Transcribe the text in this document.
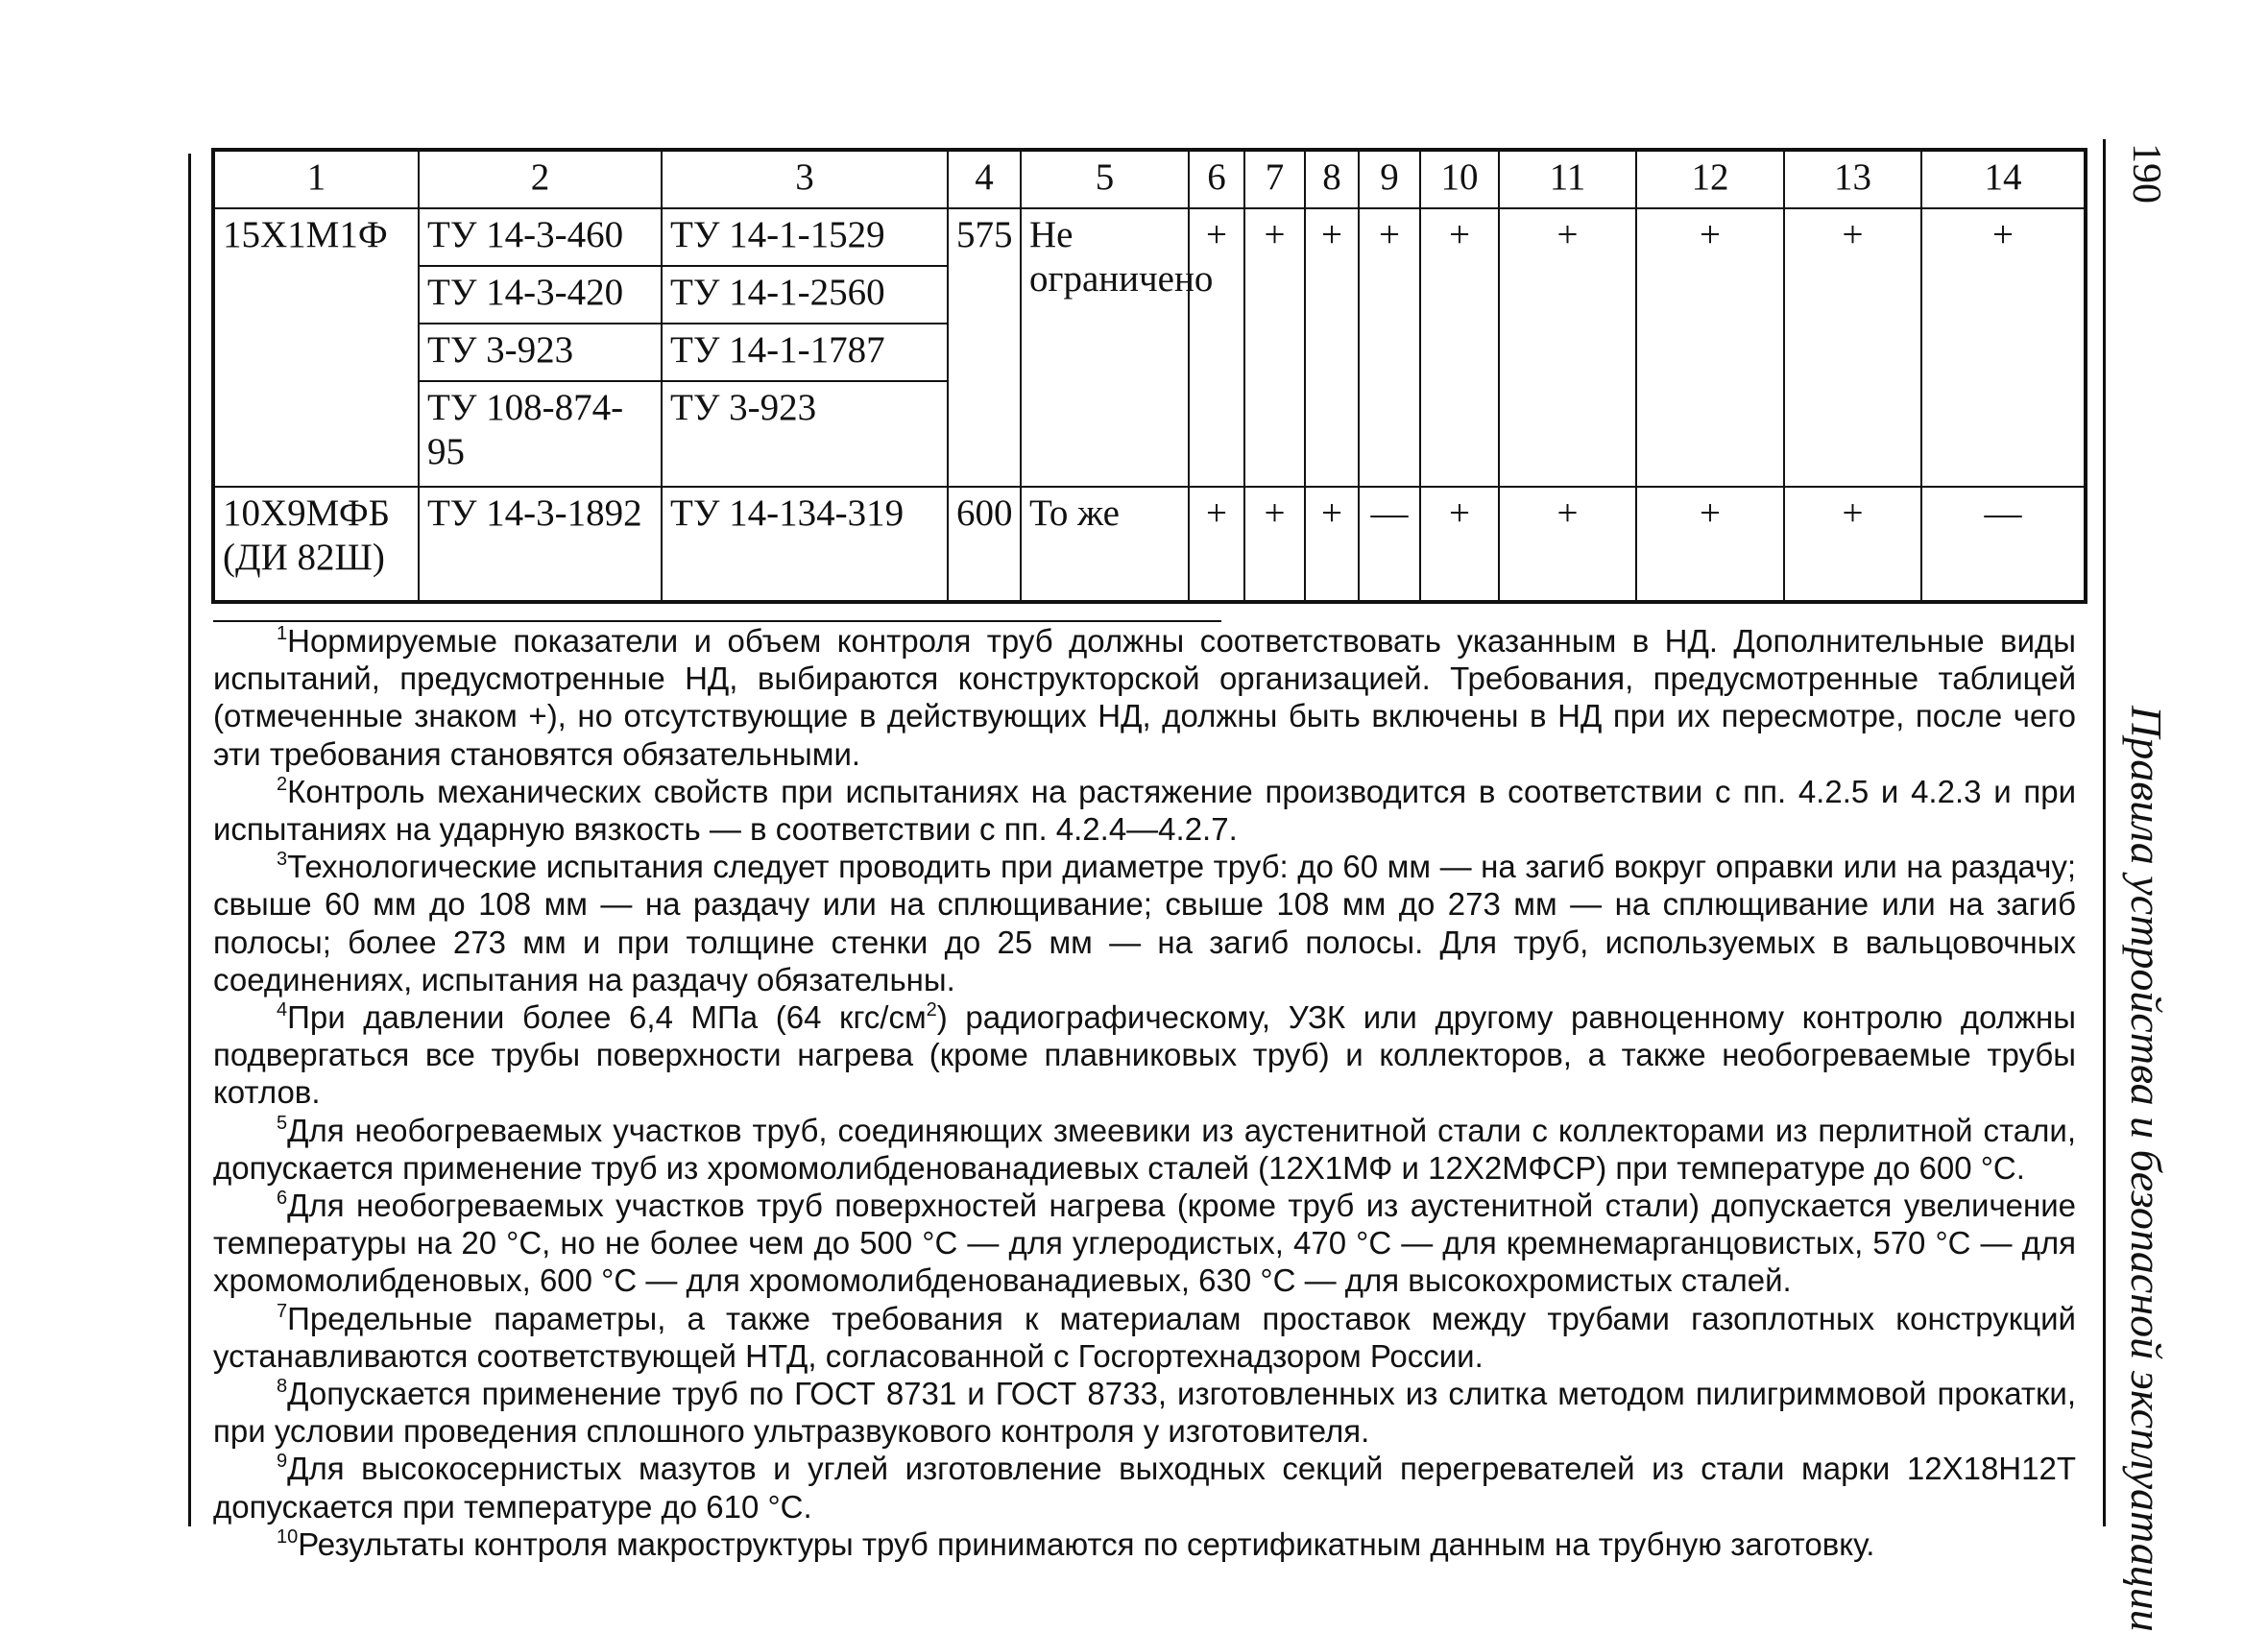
1	2	3	4	5	6	7	8	9	10	11	12	13	14
15Х1М1Ф	ТУ 14-3-460	ТУ 14-1-1529	575	Не ограничено	+	+	+	+	+	+	+	+	+
	ТУ 14-3-420	ТУ 14-1-2560											
	ТУ 3-923	ТУ 14-1-1787											
	ТУ 108-874-95	ТУ 3-923											
10Х9МФБ (ДИ 82Ш)	ТУ 14-3-1892	ТУ 14-134-319	600	То же	+	+	+	—	+	+	+	+	—

$^1$Нормируемые показатели и объем контроля труб должны соответствовать указанным в НД. Дополнительные виды испытаний, предусмотренные НД, выбираются конструкторской организацией. Требования, предусмотренные таблицей (отмеченные знаком +), но отсутствующие в действующих НД, должны быть включены в НД при их пересмотре, после чего эти требования становятся обязательными.

$^2$Контроль механических свойств при испытаниях на растяжение производится в соответствии с пп. 4.2.5 и 4.2.3 и при испытаниях на ударную вязкость — в соответствии с пп. 4.2.4—4.2.7.

$^3$Технологические испытания следует проводить при диаметре труб: до 60 мм — на загиб вокруг оправки или на раздачу; свыше 60 мм до 108 мм — на раздачу или на сплющивание; свыше 108 мм до 273 мм — на сплющивание или на загиб полосы; более 273 мм и при толщине стенки до 25 мм — на загиб полосы. Для труб, используемых в вальцовочных соединениях, испытания на раздачу обязательны.

$^4$При давлении более 6,4 МПа (64 кгс/$см^2$) радиографическому, УЗК или другому равноценному контролю должны подвергаться все трубы поверхности нагрева (кроме плавниковых труб) и коллекторов, а также необогреваемые трубы котлов.

$^5$Для необогреваемых участков труб, соединяющих змеевики из аустенитной стали с коллекторами из перлитной стали, допускается применение труб из хромомолибденованадиевых сталей (12Х1МФ и 12Х2МФСР) при температуре до 600 °С.

$^6$Для необогреваемых участков труб поверхностей нагрева (кроме труб из аустенитной стали) допускается увеличение температуры на 20 °С, но не более чем до 500 °С — для углеродистых, 470 °С — для кремнемарганцовистых, 570 °С — для хромомолибденовых, 600 °С — для хромомолибденованадиевых, 630 °С — для высокохромистых сталей.

$^7$Предельные параметры, а также требования к материалам проставок между трубами газоплотных конструкций устанавливаются соответствующей НТД, согласованной с Госгортехнадзором России.

$^8$Допускается применение труб по ГОСТ 8731 и ГОСТ 8733, изготовленных из слитка методом пилигриммовой прокатки, при условии проведения сплошного ультразвукового контроля у изготовителя.

$^9$Для высокосернистых мазутов и углей изготовление выходных секций перегревателей из стали марки 12Х18Н12Т допускается при температуре до 610 °С.

$^{10}$Результаты контроля макроструктуры труб принимаются по сертификатным данным на трубную заготовку.

190
Правила устройства и безопасной эксплуатации
